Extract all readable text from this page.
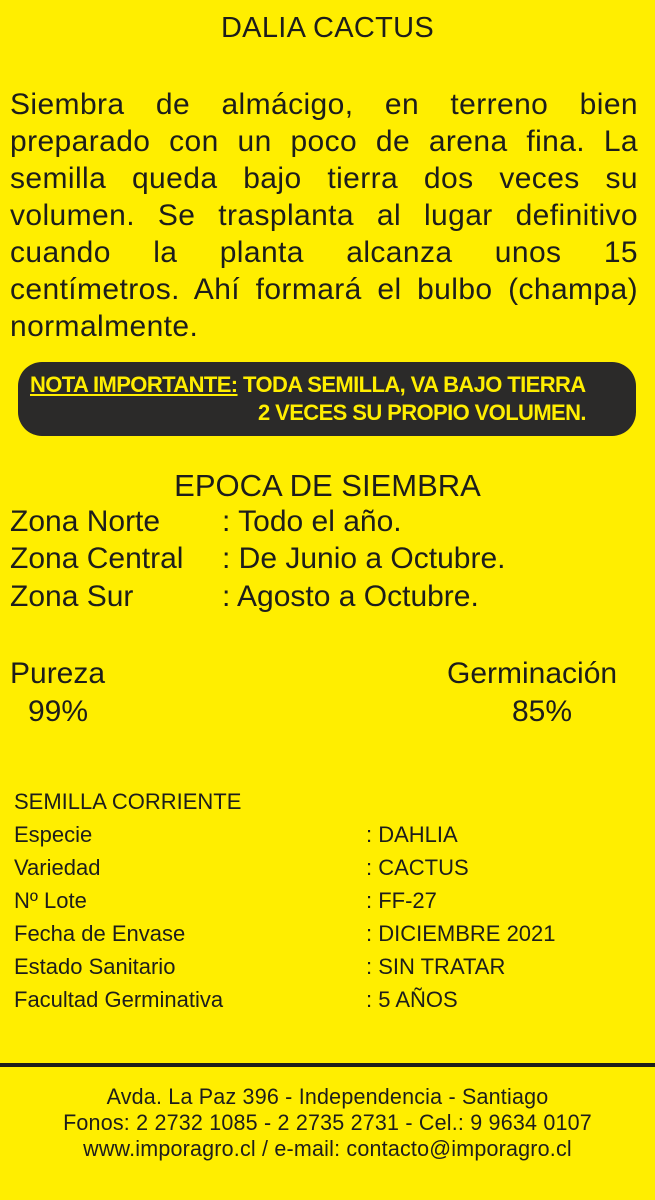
DALIA CACTUS
Siembra de almácigo, en terreno bien
preparado con un poco de arena fina. La
semilla queda bajo tierra dos veces su
volumen. Se trasplanta al lugar definitivo
cuando la planta alcanza unos 15
centímetros. Ahí formará el bulbo (champa)
normalmente.
NOTA IMPORTANTE: TODA SEMILLA, VA BAJO TIERRA
2 VECES SU PROPIO VOLUMEN.
EPOCA DE SIEMBRA
Zona Norte : Todo el año.
Zona Central : De Junio a Octubre.
Zona Sur	: Agosto a Octubre.
Pureza
99%
Germinación
85%
SEMILLA CORRIENTE
Especie	: DAHLIA
Variedad	: CACTUS
Nº Lote	: FF-27
Fecha de Envase	: DICIEMBRE 2021
Estado Sanitario	: SIN TRATAR
Facultad Germinativa	: 5 AÑOS
Avda. La Paz 396 - Independencia - Santiago
Fonos: 2 2732 1085 - 2 2735 2731 - Cel.: 9 9634 0107
www.imporagro.cl / e-mail: contacto@imporagro.cl
